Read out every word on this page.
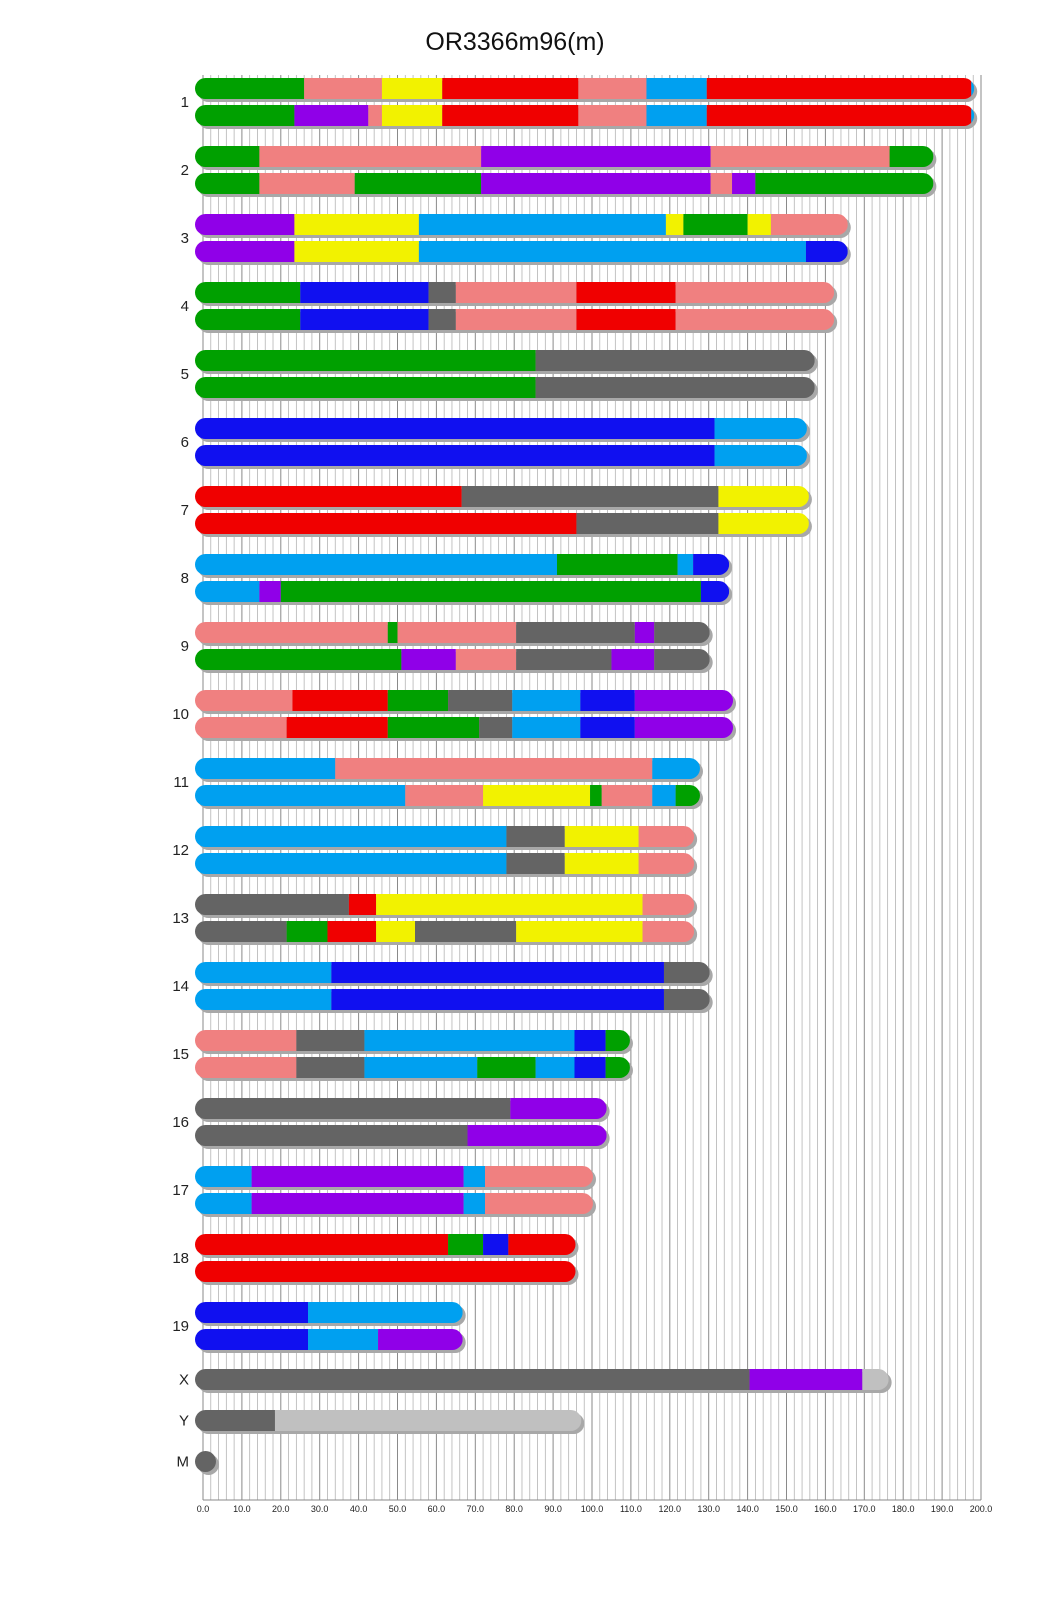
OR3366m96(m)
0.0	10.0 20.0 30.0 40.0 50.0 60.0 70.0 80.0 90.0 100.0 110.0 120.0 130.0 140.0 150.0 160.0 170.0 180.0 190.0 200.0
1
2
3
4
5
6
7
8
9
10
11
12
13
14
15
16
17
18
19
X
Y
M
